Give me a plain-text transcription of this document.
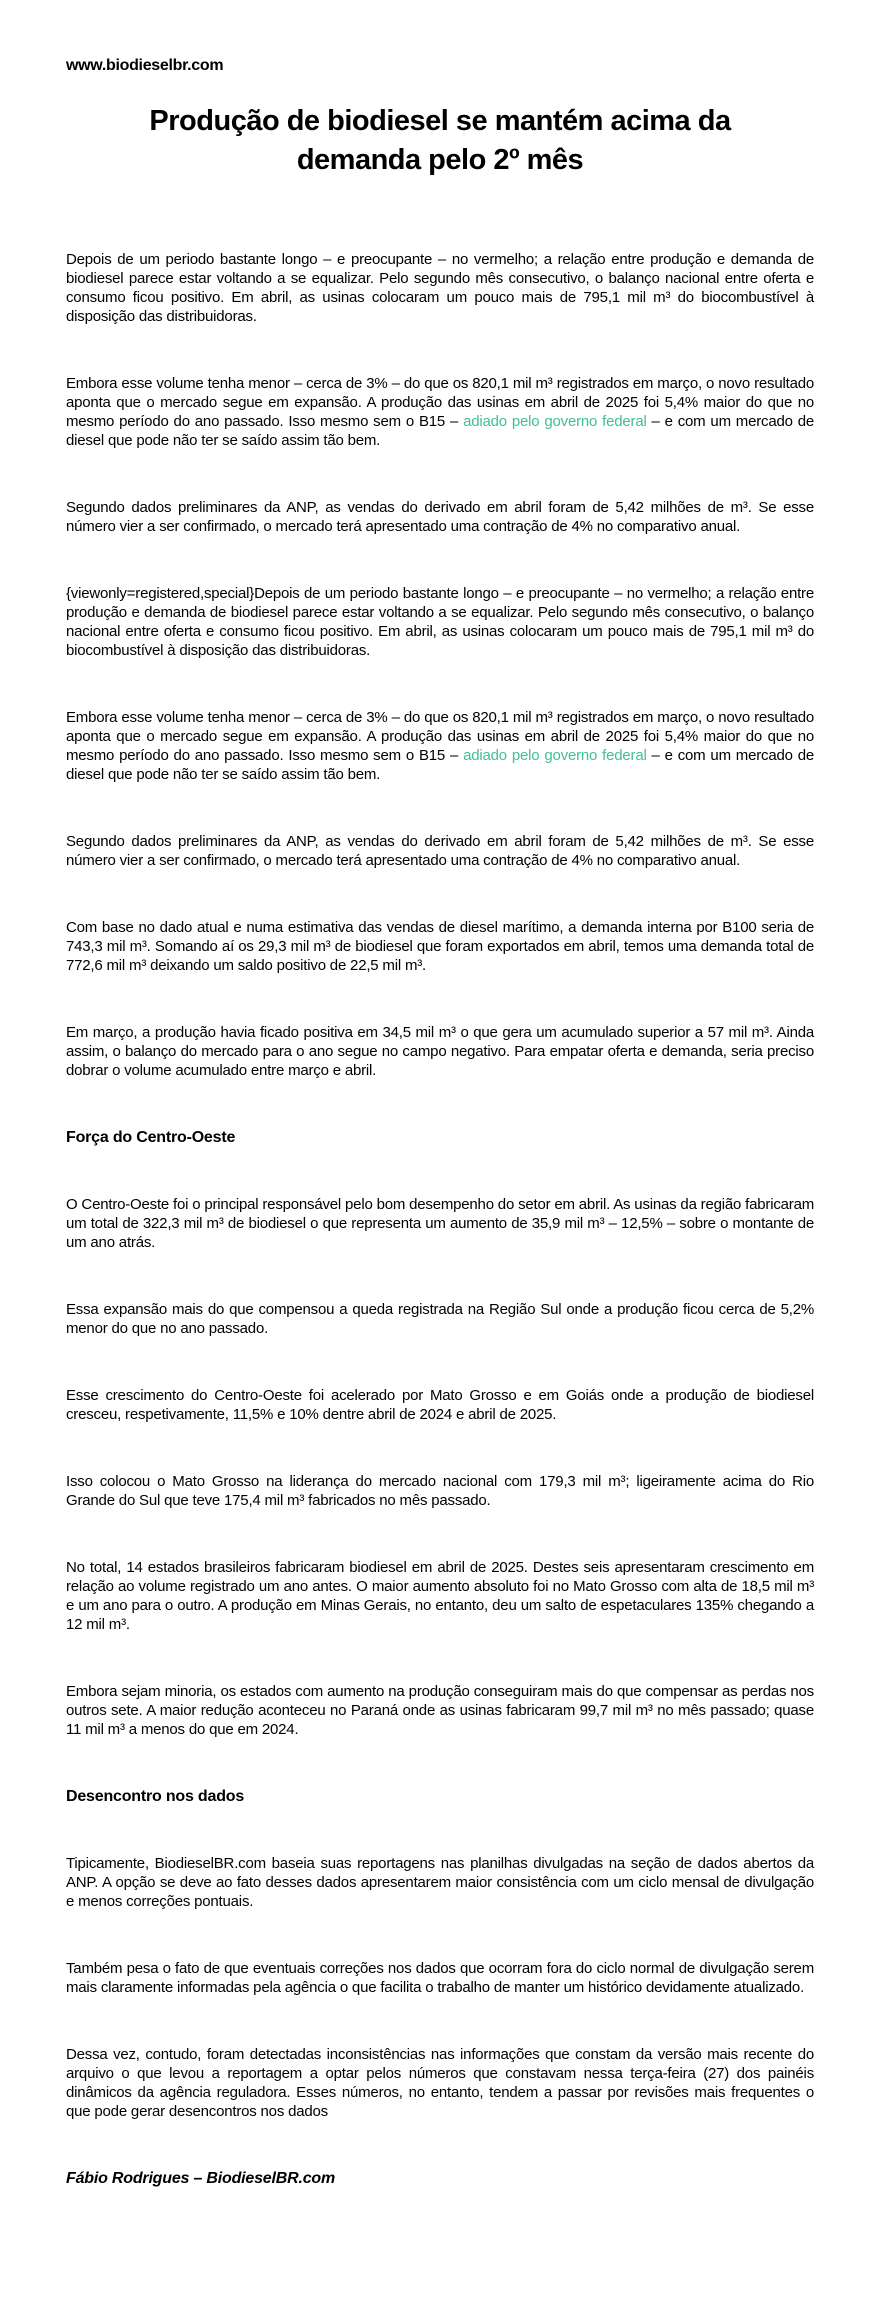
www.biodieselbr.com
Produção de biodiesel se mantém acima da demanda pelo 2º mês

Depois de um periodo bastante longo – e preocupante – no vermelho; a relação entre produção e demanda de biodiesel parece estar voltando a se equalizar. Pelo segundo mês consecutivo, o balanço nacional entre oferta e consumo ficou positivo. Em abril, as usinas colocaram um pouco mais de 795,1 mil m³ do biocombustível à disposição das distribuidoras.

Embora esse volume tenha menor – cerca de 3% – do que os 820,1 mil m³ registrados em março, o novo resultado aponta que o mercado segue em expansão. A produção das usinas em abril de 2025 foi 5,4% maior do que no mesmo período do ano passado. Isso mesmo sem o B15 – adiado pelo governo federal – e com um mercado de diesel que pode não ter se saído assim tão bem.

Segundo dados preliminares da ANP, as vendas do derivado em abril foram de 5,42 milhões de m³. Se esse número vier a ser confirmado, o mercado terá apresentado uma contração de 4% no comparativo anual.

{viewonly=registered,special}Depois de um periodo bastante longo – e preocupante – no vermelho; a relação entre produção e demanda de biodiesel parece estar voltando a se equalizar. Pelo segundo mês consecutivo, o balanço nacional entre oferta e consumo ficou positivo. Em abril, as usinas colocaram um pouco mais de 795,1 mil m³ do biocombustível à disposição das distribuidoras.

Embora esse volume tenha menor – cerca de 3% – do que os 820,1 mil m³ registrados em março, o novo resultado aponta que o mercado segue em expansão. A produção das usinas em abril de 2025 foi 5,4% maior do que no mesmo período do ano passado. Isso mesmo sem o B15 – adiado pelo governo federal – e com um mercado de diesel que pode não ter se saído assim tão bem.

Segundo dados preliminares da ANP, as vendas do derivado em abril foram de 5,42 milhões de m³. Se esse número vier a ser confirmado, o mercado terá apresentado uma contração de 4% no comparativo anual.

Com base no dado atual e numa estimativa das vendas de diesel marítimo, a demanda interna por B100 seria de 743,3 mil m³. Somando aí os 29,3 mil m³ de biodiesel que foram exportados em abril, temos uma demanda total de 772,6 mil m³ deixando um saldo positivo de 22,5 mil m³.

Em março, a produção havia ficado positiva em 34,5 mil m³ o que gera um acumulado superior a 57 mil m³. Ainda assim, o balanço do mercado para o ano segue no campo negativo. Para empatar oferta e demanda, seria preciso dobrar o volume acumulado entre março e abril.

Força do Centro-Oeste

O Centro-Oeste foi o principal responsável pelo bom desempenho do setor em abril. As usinas da região fabricaram um total de 322,3 mil m³ de biodiesel o que representa um aumento de 35,9 mil m³ – 12,5% – sobre o montante de um ano atrás.

Essa expansão mais do que compensou a queda registrada na Região Sul onde a produção ficou cerca de 5,2% menor do que no ano passado.

Esse crescimento do Centro-Oeste foi acelerado por Mato Grosso e em Goiás onde a produção de biodiesel cresceu, respetivamente, 11,5% e 10% dentre abril de 2024 e abril de 2025.

Isso colocou o Mato Grosso na liderança do mercado nacional com 179,3 mil m³; ligeiramente acima do Rio Grande do Sul que teve 175,4 mil m³ fabricados no mês passado.

No total, 14 estados brasileiros fabricaram biodiesel em abril de 2025. Destes seis apresentaram crescimento em relação ao volume registrado um ano antes. O maior aumento absoluto foi no Mato Grosso com alta de 18,5 mil m³ e um ano para o outro. A produção em Minas Gerais, no entanto, deu um salto de espetaculares 135% chegando a 12 mil m³.

Embora sejam minoria, os estados com aumento na produção conseguiram mais do que compensar as perdas nos outros sete. A maior redução aconteceu no Paraná onde as usinas fabricaram 99,7 mil m³ no mês passado; quase 11 mil m³ a menos do que em 2024.

Desencontro nos dados

Tipicamente, BiodieselBR.com baseia suas reportagens nas planilhas divulgadas na seção de dados abertos da ANP. A opção se deve ao fato desses dados apresentarem maior consistência com um ciclo mensal de divulgação e menos correções pontuais.

Também pesa o fato de que eventuais correções nos dados que ocorram fora do ciclo normal de divulgação serem mais claramente informadas pela agência o que facilita o trabalho de manter um histórico devidamente atualizado.

Dessa vez, contudo, foram detectadas inconsistências nas informações que constam da versão mais recente do arquivo o que levou a reportagem a optar pelos números que constavam nessa terça-feira (27) dos painéis dinâmicos da agência reguladora. Esses números, no entanto, tendem a passar por revisões mais frequentes o que pode gerar desencontros nos dados

Fábio Rodrigues – BiodieselBR.com
